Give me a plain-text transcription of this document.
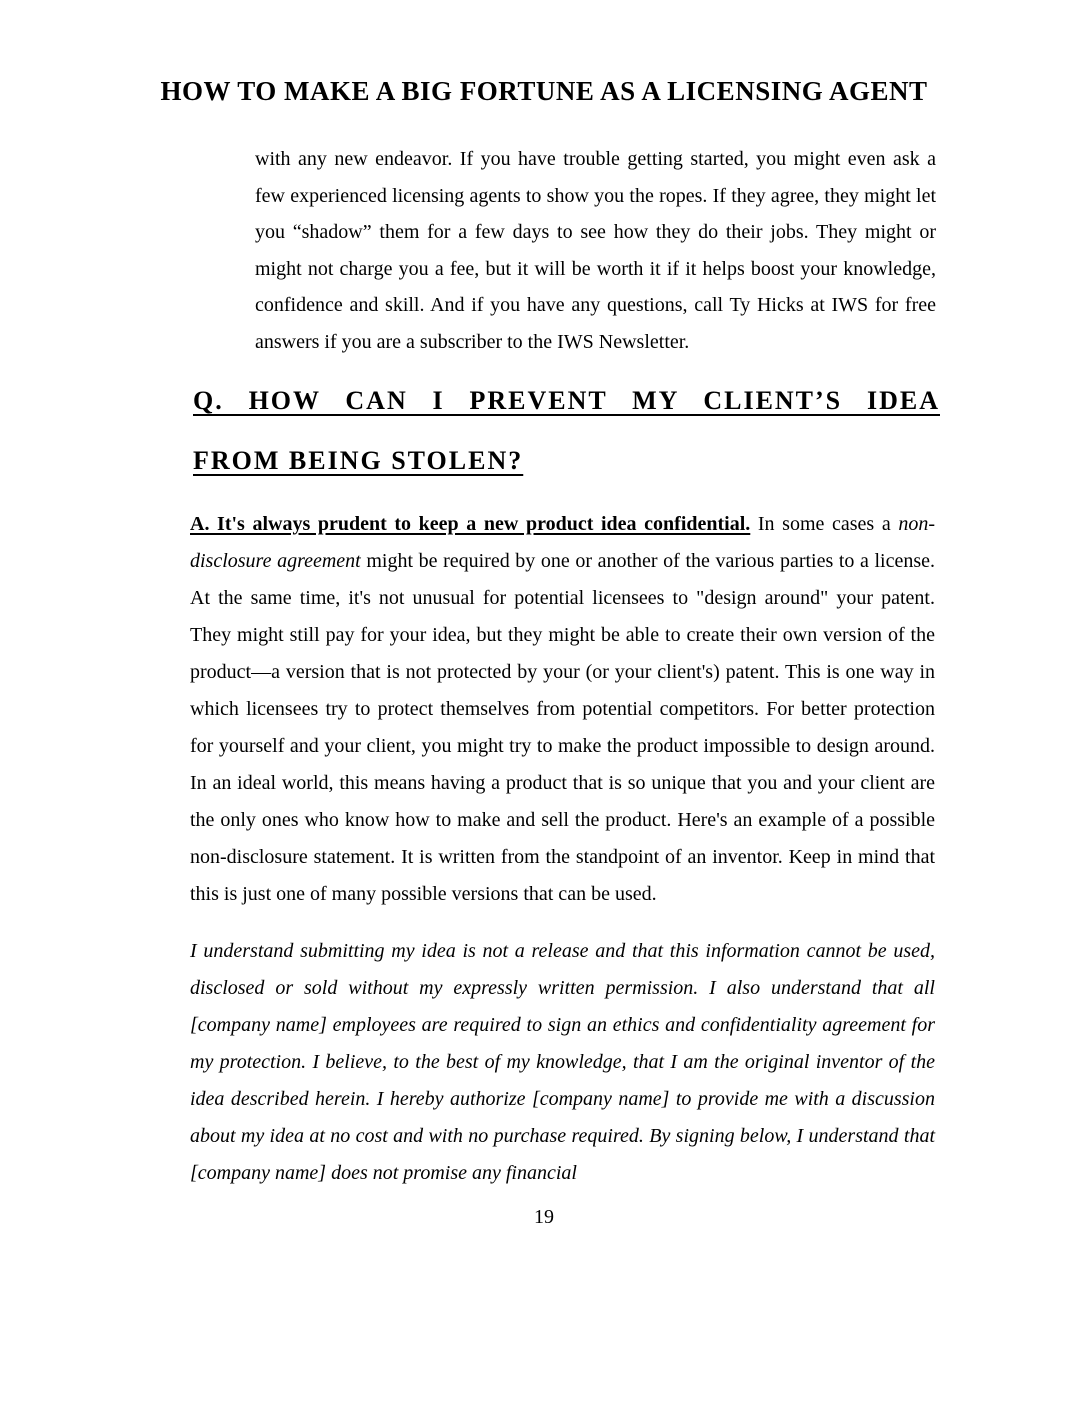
HOW TO MAKE A BIG FORTUNE AS A LICENSING AGENT

with any new endeavor. If you have trouble getting started, you might even ask a few experienced licensing agents to show you the ropes. If they agree, they might let you “shadow” them for a few days to see how they do their jobs. They might or might not charge you a fee, but it will be worth it if it helps boost your knowledge, confidence and skill. And if you have any questions, call Ty Hicks at IWS for free answers if you are a subscriber to the IWS Newsletter.

Q. HOW CAN I PREVENT MY CLIENT’S IDEA
FROM BEING STOLEN?

A. It's always prudent to keep a new product idea confidential. In some cases a non-disclosure agreement might be required by one or another of the various parties to a license. At the same time, it's not unusual for potential licensees to "design around" your patent. They might still pay for your idea, but they might be able to create their own version of the product—a version that is not protected by your (or your client's) patent. This is one way in which licensees try to protect themselves from potential competitors. For better protection for yourself and your client, you might try to make the product impossible to design around. In an ideal world, this means having a product that is so unique that you and your client are the only ones who know how to make and sell the product. Here's an example of a possible non-disclosure statement. It is written from the standpoint of an inventor. Keep in mind that this is just one of many possible versions that can be used.

I understand submitting my idea is not a release and that this information cannot be used, disclosed or sold without my expressly written permission. I also understand that all [company name] employees are required to sign an ethics and confidentiality agreement for my protection. I believe, to the best of my knowledge, that I am the original inventor of the idea described herein. I hereby authorize [company name] to provide me with a discussion about my idea at no cost and with no purchase required. By signing below, I understand that [company name] does not promise any financial

19
